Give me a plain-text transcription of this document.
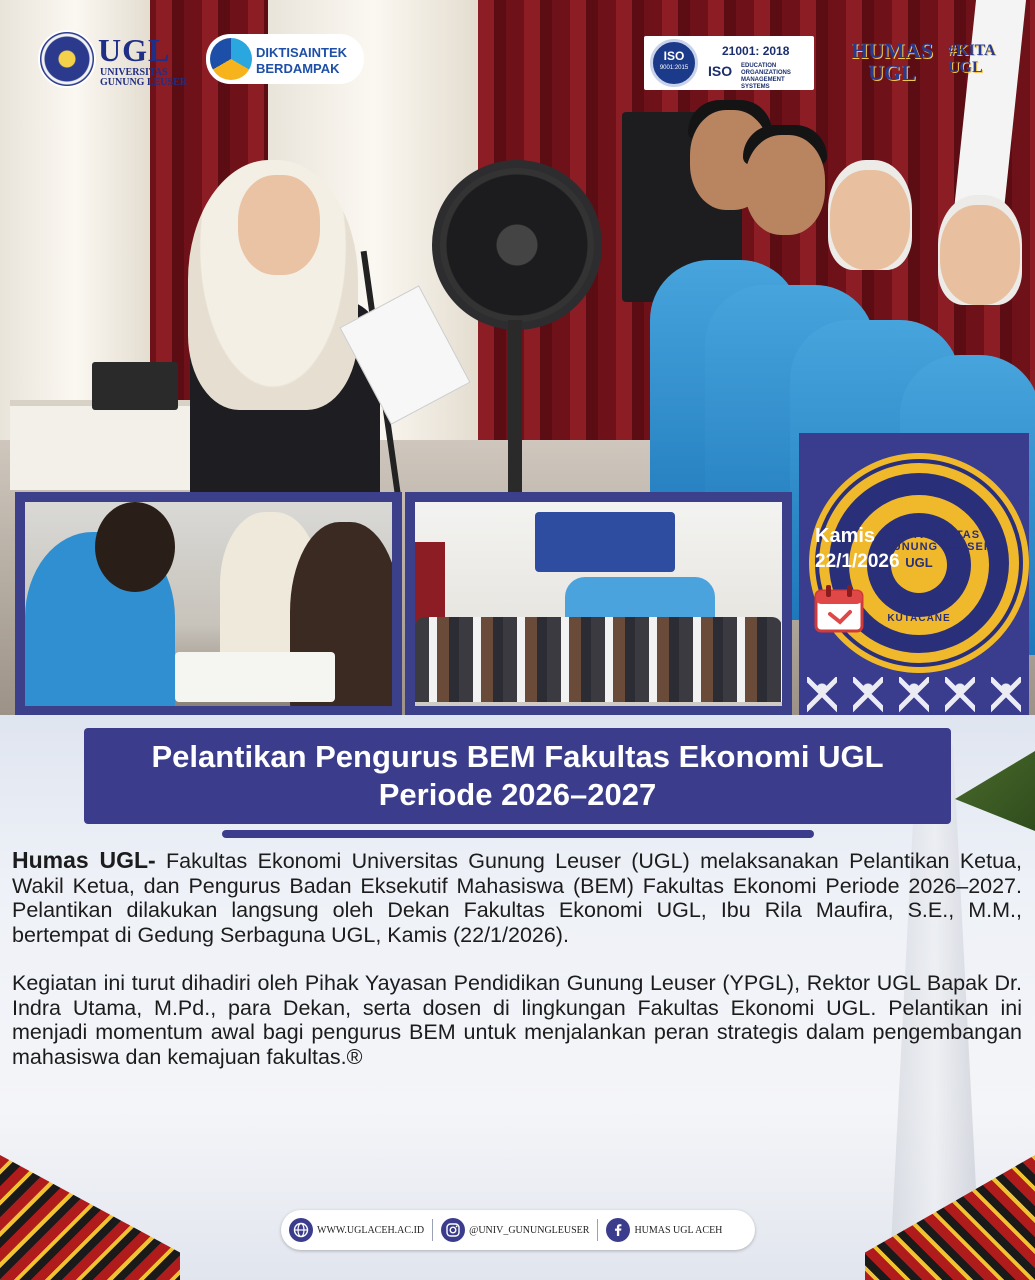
UGL
UNIVERSITAS GUNUNG LEUSER
DIKTISAINTEK
BERDAMPAK
ISO
9001:2015
21001: 2018
ISO EDUCATION ORGANIZATIONS MANAGEMENT SYSTEMS
HUMAS
UGL
#KITA
UGL
UNIVERSITAS GUNUNG LEUSER
UGL
KUTACANE
Kamis
22/1/2026
Pelantikan Pengurus BEM Fakultas Ekonomi UGL Periode 2026–2027

Humas UGL- Fakultas Ekonomi Universitas Gunung Leuser (UGL) melaksanakan Pelantikan Ketua, Wakil Ketua, dan Pengurus Badan Eksekutif Mahasiswa (BEM) Fakultas Ekonomi Periode 2026–2027. Pelantikan dilakukan langsung oleh Dekan Fakultas Ekonomi UGL, Ibu Rila Maufira, S.E., M.M., bertempat di Gedung Serbaguna UGL, Kamis (22/1/2026).

Kegiatan ini turut dihadiri oleh Pihak Yayasan Pendidikan Gunung Leuser (YPGL), Rektor UGL Bapak Dr. Indra Utama, M.Pd., para Dekan, serta dosen di lingkungan Fakultas Ekonomi UGL. Pelantikan ini menjadi momentum awal bagi pengurus BEM untuk menjalankan peran strategis dalam pengembangan mahasiswa dan kemajuan fakultas.®

WWW.UGLACEH.AC.ID	@UNIV_GUNUNGLEUSER	HUMAS UGL ACEH
